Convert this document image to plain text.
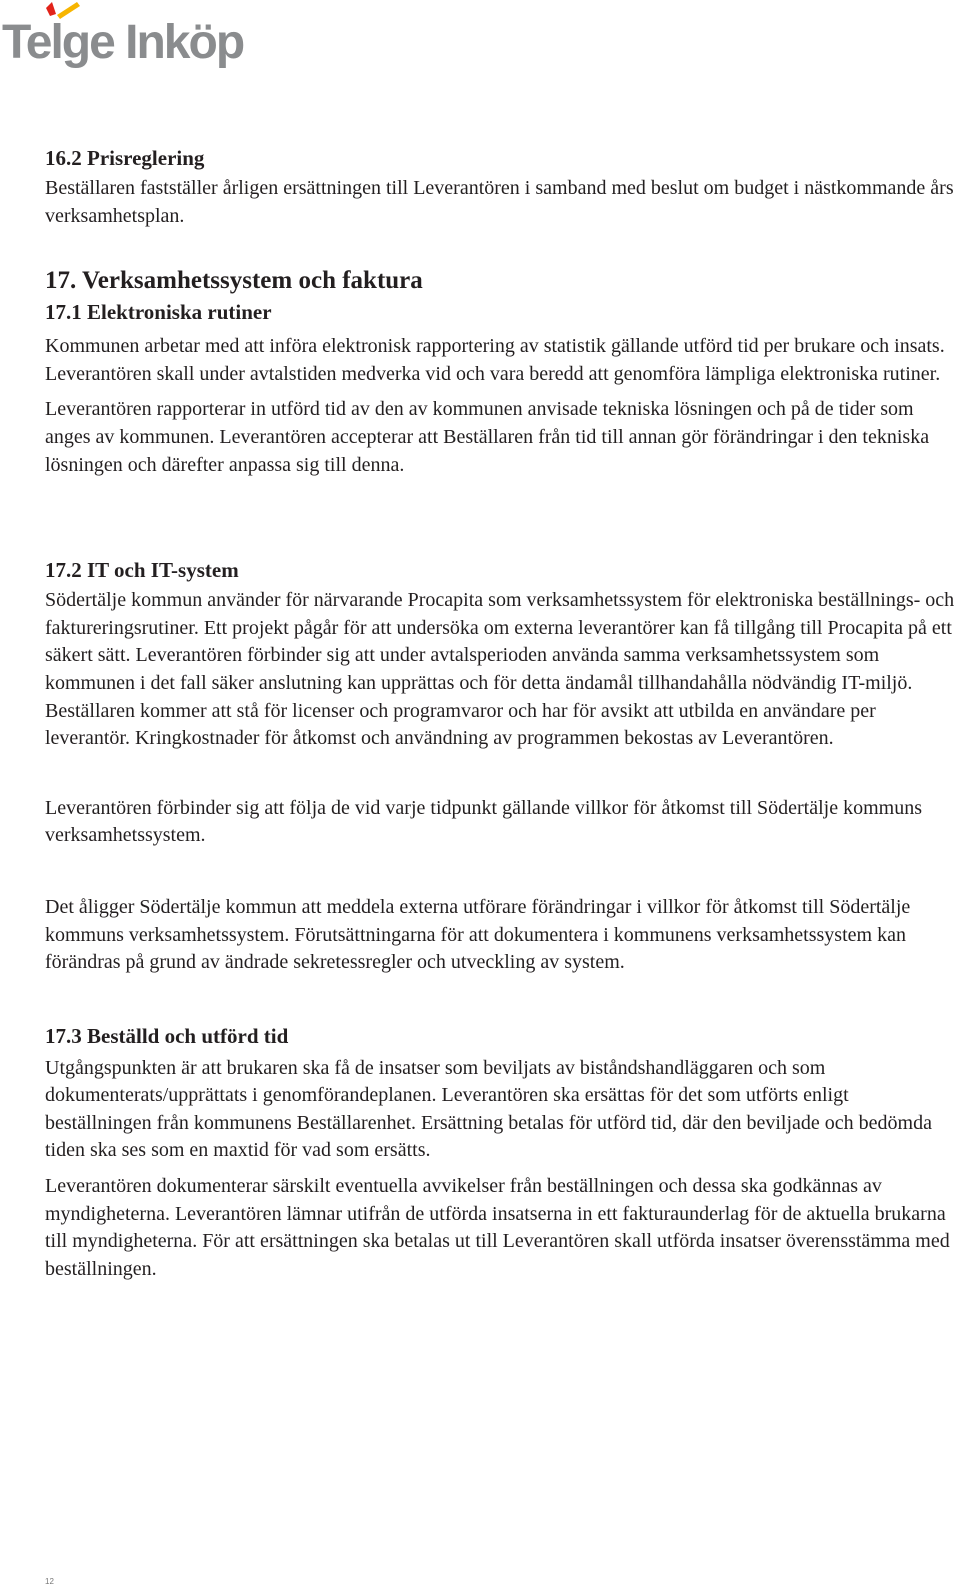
Telge Inköp

16.2 Prisreglering

Beställaren fastställer årligen ersättningen till Leverantören i samband med beslut om budget i nästkommande års verksamhetsplan.

17. Verksamhetssystem och faktura

17.1 Elektroniska rutiner

Kommunen arbetar med att införa elektronisk rapportering av statistik gällande utförd tid per brukare och insats. Leverantören skall under avtalstiden medverka vid och vara beredd att genomföra lämpliga elektroniska rutiner.

Leverantören rapporterar in utförd tid av den av kommunen anvisade tekniska lösningen och på de tider som anges av kommunen. Leverantören accepterar att Beställaren från tid till annan gör förändringar i den tekniska lösningen och därefter anpassa sig till denna.

17.2 IT och IT-system

Södertälje kommun använder för närvarande Procapita som verksamhetssystem för elektroniska beställnings- och faktureringsrutiner. Ett projekt pågår för att undersöka om externa leverantörer kan få tillgång till Procapita på ett säkert sätt. Leverantören förbinder sig att under avtalsperioden använda samma verksamhetssystem som kommunen i det fall säker anslutning kan upprättas och för detta ändamål tillhandahålla nödvändig IT-miljö. Beställaren kommer att stå för licenser och programvaror och har för avsikt att utbilda en användare per leverantör. Kringkostnader för åtkomst och användning av programmen bekostas av Leverantören.

Leverantören förbinder sig att följa de vid varje tidpunkt gällande villkor för åtkomst till Södertälje kommuns verksamhetssystem.

Det åligger Södertälje kommun att meddela externa utförare förändringar i villkor för åtkomst till Södertälje kommuns verksamhetssystem. Förutsättningarna för att dokumentera i kommunens verksamhetssystem kan förändras på grund av ändrade sekretessregler och utveckling av system.

17.3 Beställd och utförd tid

Utgångspunkten är att brukaren ska få de insatser som beviljats av biståndshandläggaren och som dokumenterats/upprättats i genomförandeplanen. Leverantören ska ersättas för det som utförts enligt beställningen från kommunens Beställarenhet. Ersättning betalas för utförd tid, där den beviljade och bedömda tiden ska ses som en maxtid för vad som ersätts.

Leverantören dokumenterar särskilt eventuella avvikelser från beställningen och dessa ska godkännas av myndigheterna. Leverantören lämnar utifrån de utförda insatserna in ett fakturaunderlag för de aktuella brukarna till myndigheterna. För att ersättningen ska betalas ut till Leverantören skall utförda insatser överensstämma med beställningen.

12
